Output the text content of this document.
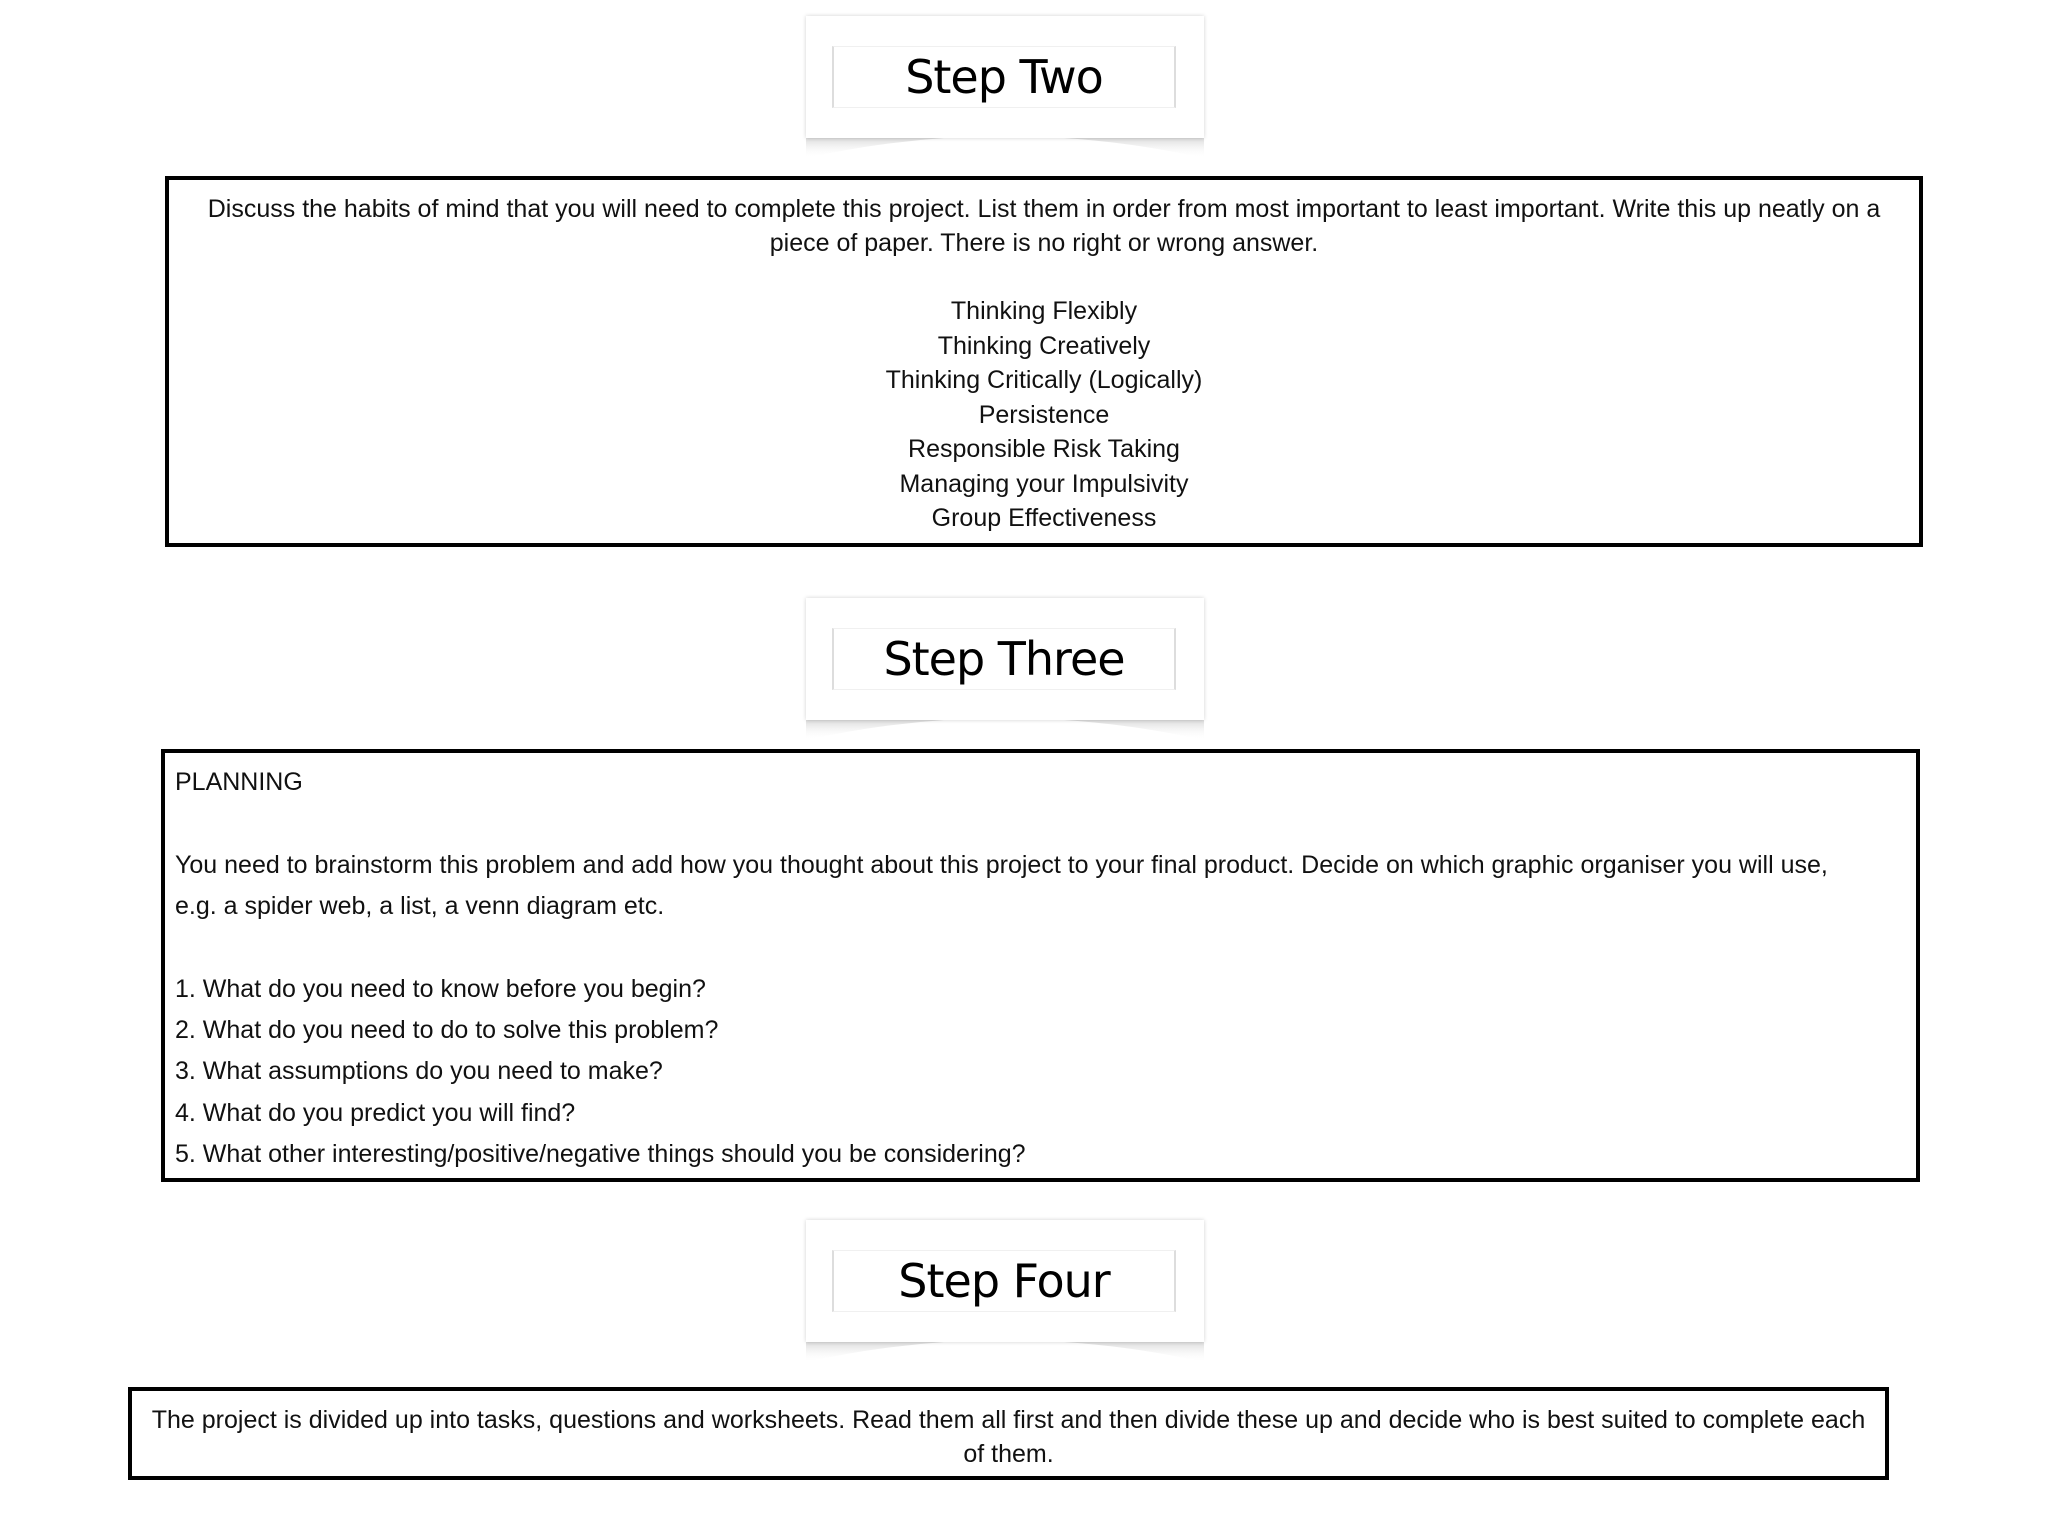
Step Two
Discuss the habits of mind that you will need to complete this project. List them in order from most important to least important. Write this up neatly on a piece of paper. There is no right or wrong answer.
Thinking Flexibly
Thinking Creatively
Thinking Critically (Logically)
Persistence
Responsible Risk Taking
Managing your Impulsivity
Group Effectiveness
Step Three
PLANNING
You need to brainstorm this problem and add how you thought about this project to your final product. Decide on which graphic organiser you will use, e.g. a spider web, a list, a venn diagram etc.
1. What do you need to know before you begin?
2. What do you need to do to solve this problem?
3. What assumptions do you need to make?
4. What do you predict you will find?
5. What other interesting/positive/negative things should you be considering?
Step Four
The project is divided up into tasks, questions and worksheets. Read them all first and then divide these up and decide who is best suited to complete each of them.
